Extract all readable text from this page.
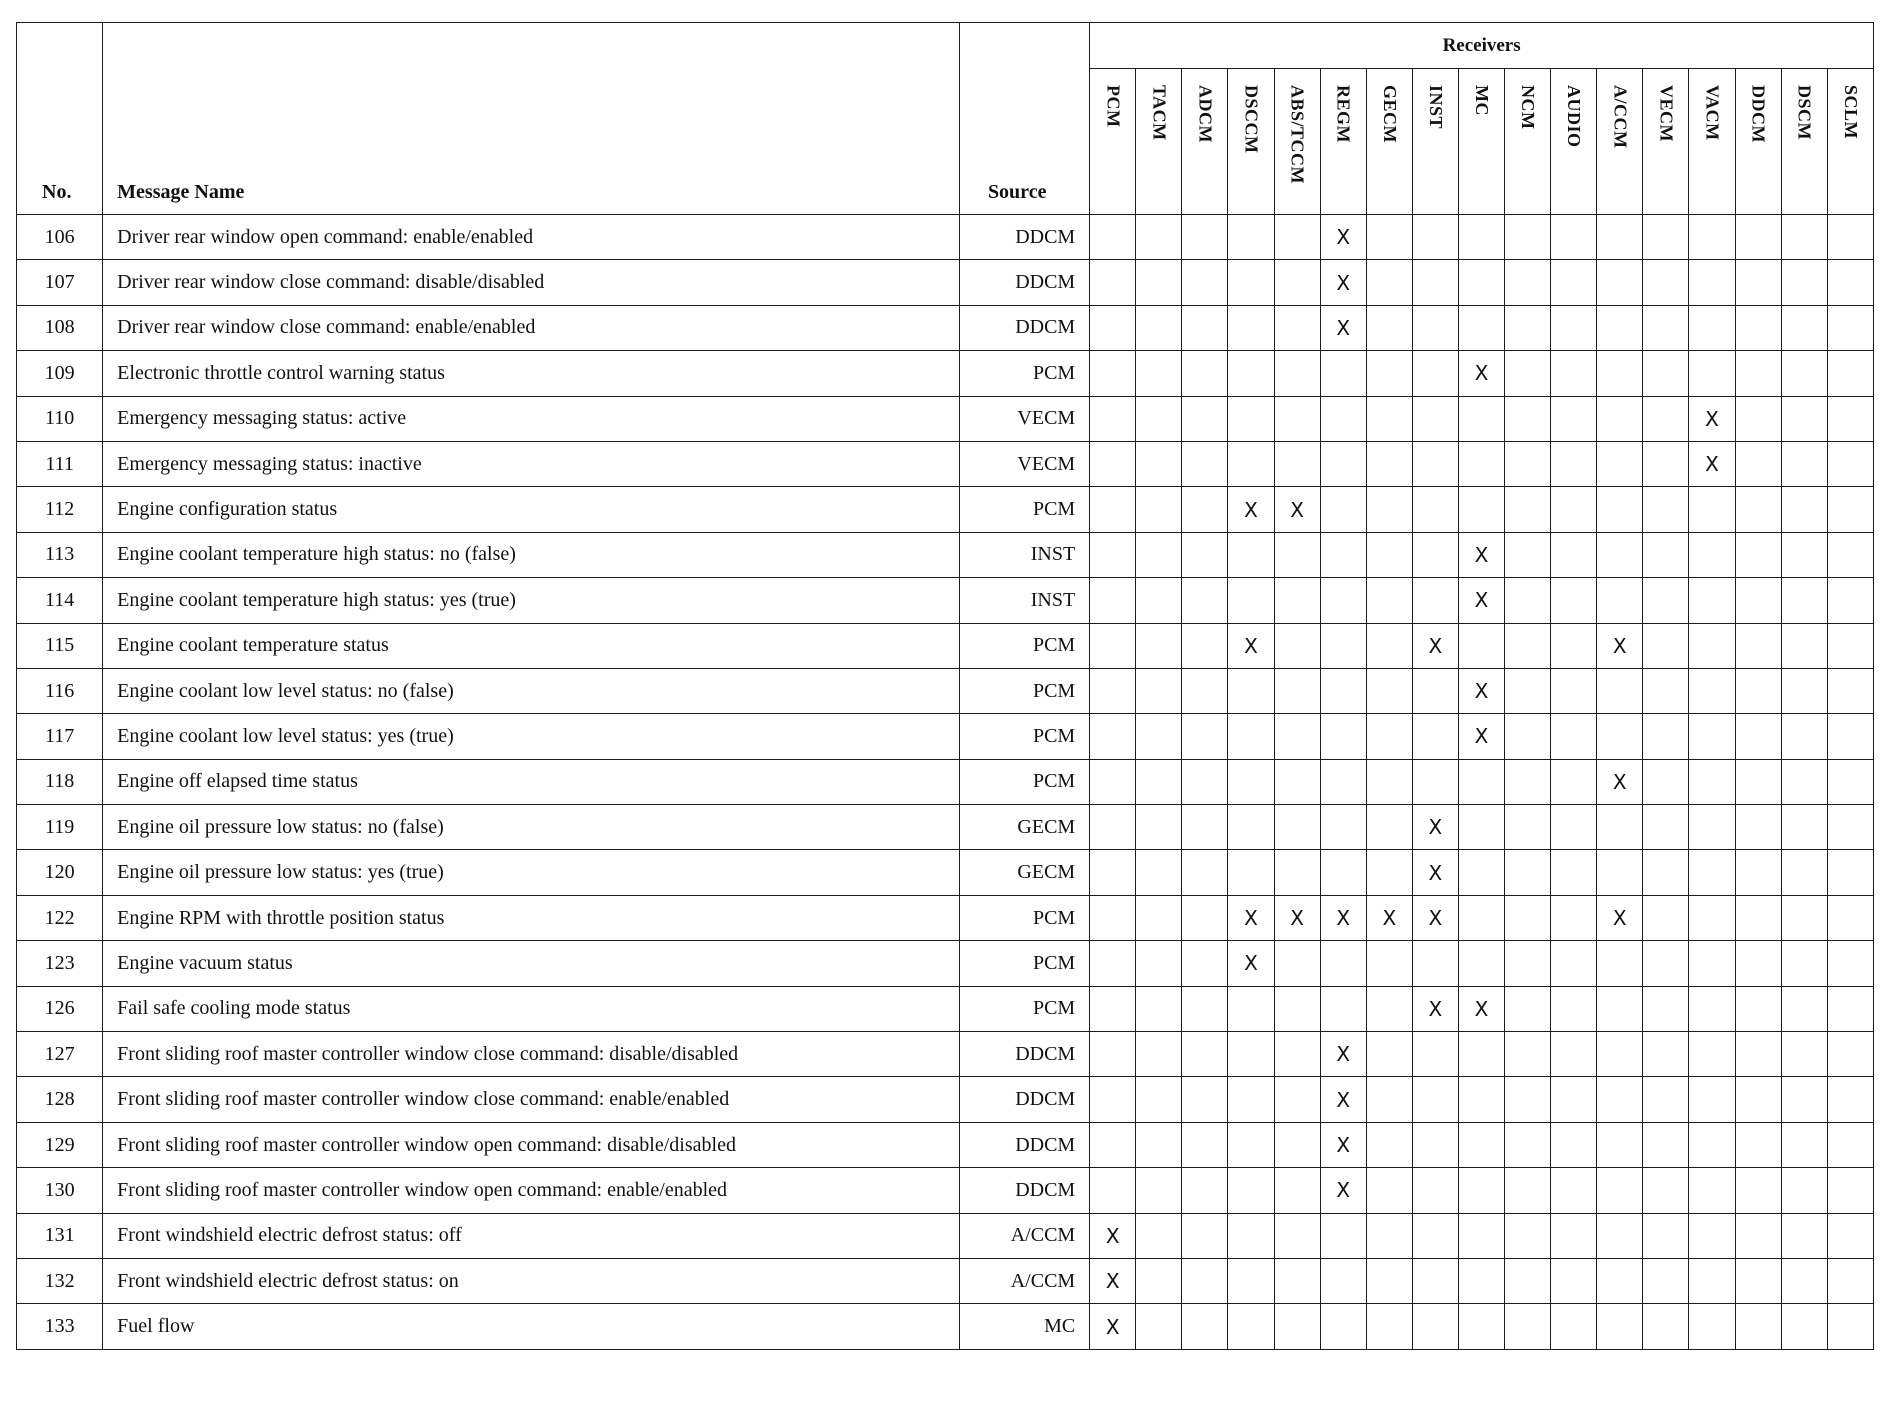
No.	Message Name	Source	Receivers																

			PCM	TACM	ADCM	DSCCM	ABS/TCCM	REGM	GECM	INST	MC	NCM	AUDIO	A/CCM	VECM	VACM	DDCM	DSCM	SCLM

106	Driver rear window open command: enable/enabled	DDCM						X											
107	Driver rear window close command: disable/disabled	DDCM						X											
108	Driver rear window close command: enable/enabled	DDCM						X											
109	Electronic throttle control warning status	PCM									X								
110	Emergency messaging status: active	VECM														X			
111	Emergency messaging status: inactive	VECM														X			
112	Engine configuration status	PCM				X	X												
113	Engine coolant temperature high status: no (false)	INST									X								
114	Engine coolant temperature high status: yes (true)	INST									X								
115	Engine coolant temperature status	PCM				X				X				X					
116	Engine coolant low level status: no (false)	PCM									X								
117	Engine coolant low level status: yes (true)	PCM									X								
118	Engine off elapsed time status	PCM												X					
119	Engine oil pressure low status: no (false)	GECM								X									
120	Engine oil pressure low status: yes (true)	GECM								X									
122	Engine RPM with throttle position status	PCM				X	X	X	X	X				X					
123	Engine vacuum status	PCM				X													
126	Fail safe cooling mode status	PCM								X	X								
127	Front sliding roof master controller window close command: disable/disabled	DDCM						X											
128	Front sliding roof master controller window close command: enable/enabled	DDCM						X											
129	Front sliding roof master controller window open command: disable/disabled	DDCM						X											
130	Front sliding roof master controller window open command: enable/enabled	DDCM						X											
131	Front windshield electric defrost status: off	A/CCM	X																
132	Front windshield electric defrost status: on	A/CCM	X																
133	Fuel flow	MC	X																
